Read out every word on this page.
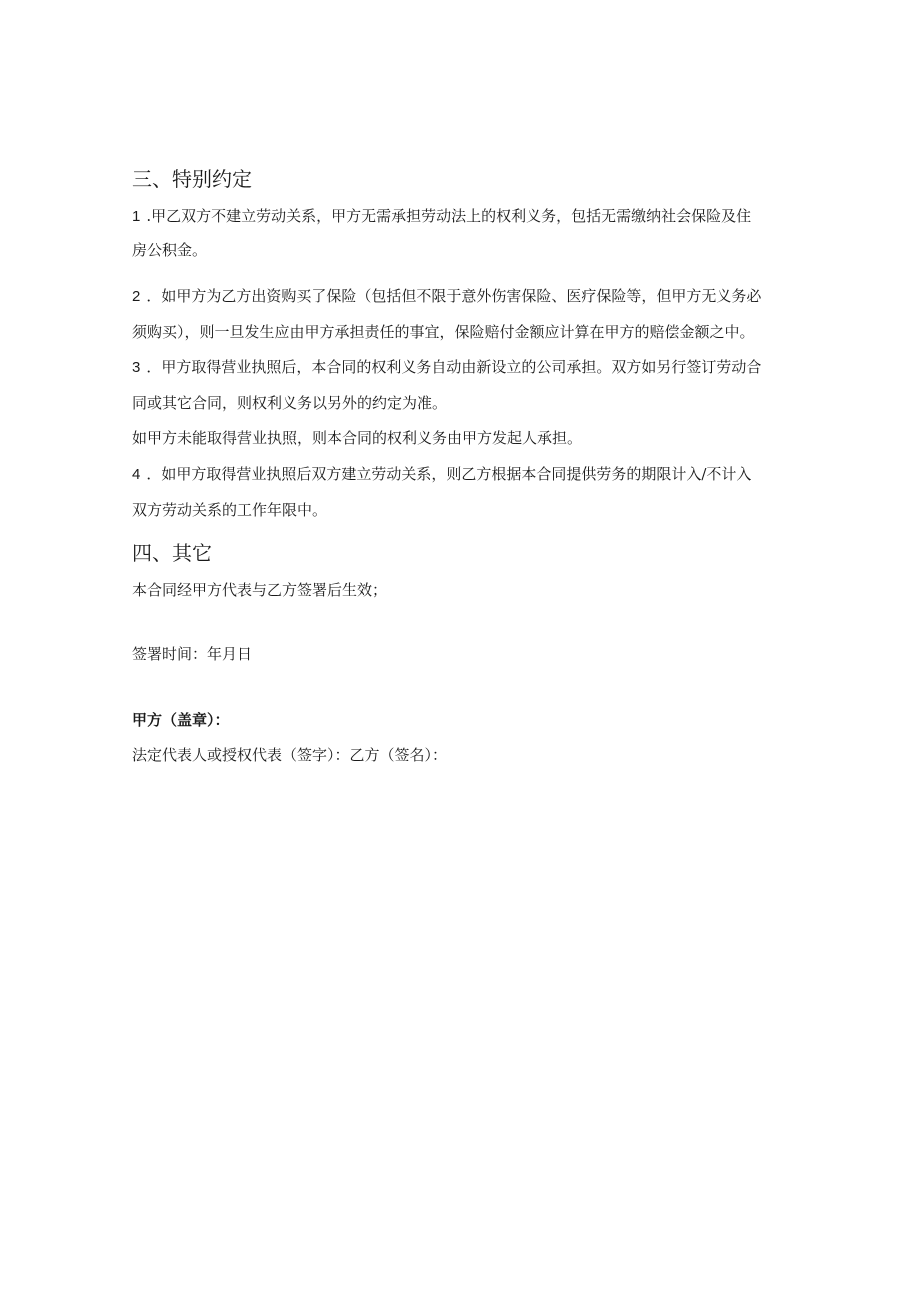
三、特别约定
1 .甲乙双方不建立劳动关系，甲方无需承担劳动法上的权利义务，包括无需缴纳社会保险及住
房公积金。
2 ．如甲方为乙方出资购买了保险（包括但不限于意外伤害保险、医疗保险等，但甲方无义务必
须购买），则一旦发生应由甲方承担责任的事宜，保险赔付金额应计算在甲方的赔偿金额之中。
3 ．甲方取得营业执照后，本合同的权利义务自动由新设立的公司承担。双方如另行签订劳动合
同或其它合同，则权利义务以另外的约定为准。
如甲方未能取得营业执照，则本合同的权利义务由甲方发起人承担。
4 ．如甲方取得营业执照后双方建立劳动关系，则乙方根据本合同提供劳务的期限计入/不计入
双方劳动关系的工作年限中。
四、其它
本合同经甲方代表与乙方签署后生效；
签署时间：年月日
甲方（盖章）：
法定代表人或授权代表（签字）：乙方（签名）：
